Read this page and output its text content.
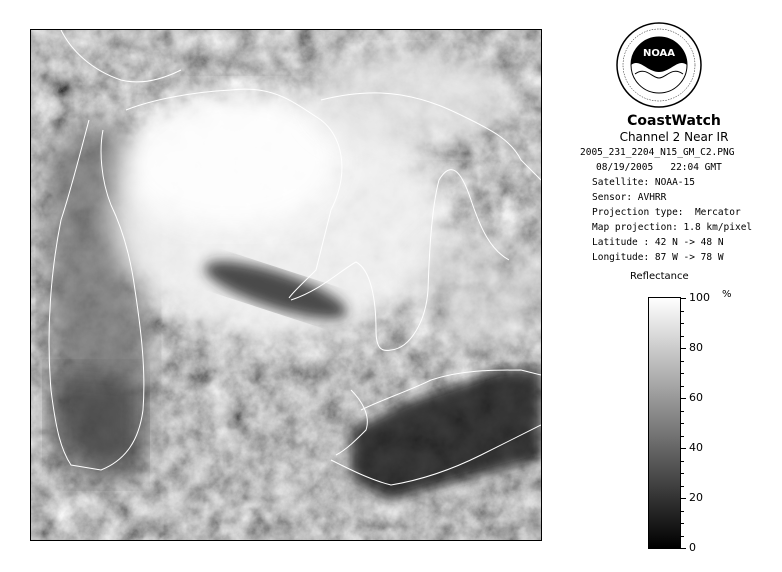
NOAA
CoastWatch
Channel 2 Near IR
2005_231_2204_N15_GM_C2.PNG
08/19/2005   22:04 GMT
Satellite: NOAA-15
Sensor: AVHRR
Projection type:  Mercator
Map projection: 1.8 km/pixel
Latitude : 42 N -> 48 N
Longitude: 87 W -> 78 W
Reflectance
%
100
80
60
40
20
0
